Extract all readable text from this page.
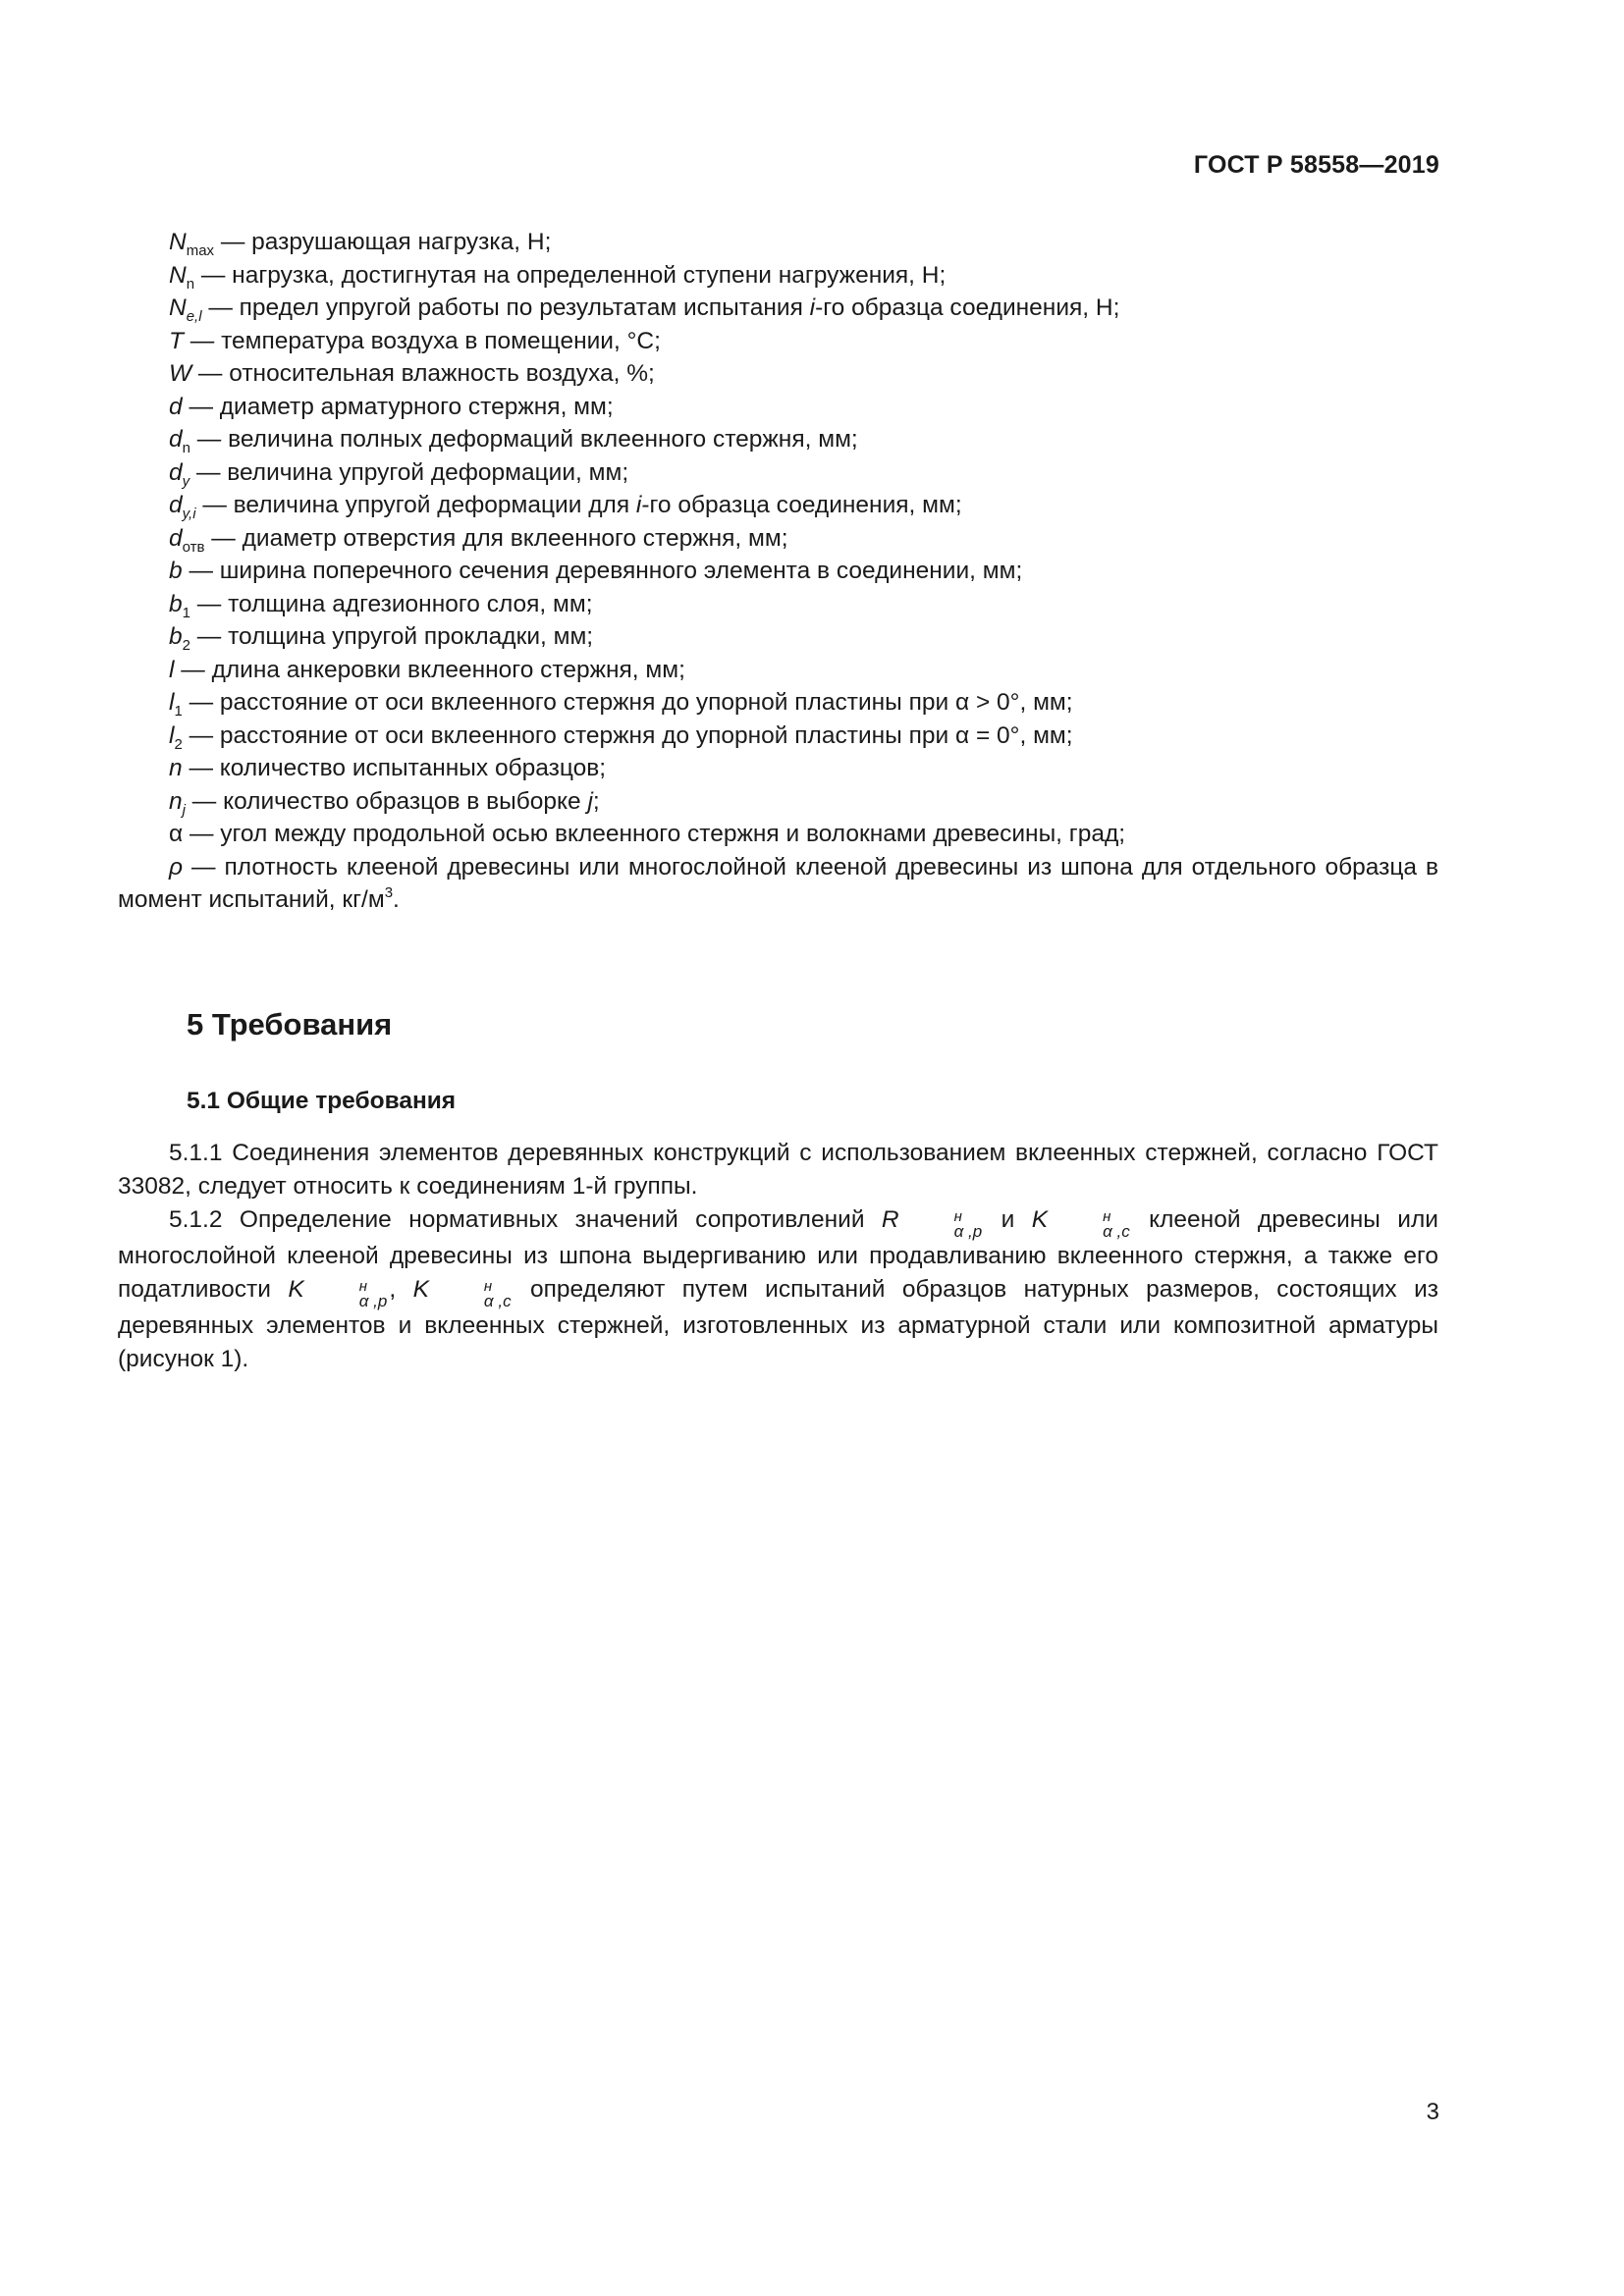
ГОСТ Р 58558—2019
$N_{max}$ — разрушающая нагрузка, Н;
$N_n$ — нагрузка, достигнутая на определенной ступени нагружения, Н;
$N_{e,l}$ — предел упругой работы по результатам испытания i-го образца соединения, Н;
T — температура воздуха в помещении, °С;
W — относительная влажность воздуха, %;
d — диаметр арматурного стержня, мм;
$d_n$ — величина полных деформаций вклеенного стержня, мм;
$d_y$ — величина упругой деформации, мм;
$d_{y,i}$ — величина упругой деформации для i-го образца соединения, мм;
$d_{отв}$ — диаметр отверстия для вклеенного стержня, мм;
b — ширина поперечного сечения деревянного элемента в соединении, мм;
$b_1$ — толщина адгезионного слоя, мм;
$b_2$ — толщина упругой прокладки, мм;
l — длина анкеровки вклеенного стержня, мм;
$l_1$ — расстояние от оси вклеенного стержня до упорной пластины при α > 0°, мм;
$l_2$ — расстояние от оси вклеенного стержня до упорной пластины при α = 0°, мм;
n — количество испытанных образцов;
$n_j$ — количество образцов в выборке j;
α — угол между продольной осью вклеенного стержня и волокнами древесины, град;
ρ — плотность клееной древесины или многослойной клееной древесины из шпона для отдельного образца в момент испытаний, $кг/м^3$.
5 Требования
5.1 Общие требования

5.1.1 Соединения элементов деревянных конструкций с использованием вклеенных стержней, согласно ГОСТ 33082, следует относить к соединениям 1-й группы.

5.1.2 Определение нормативных значений сопротивлений R	н
α ,p и K	н
α ,c клееной древесины или многослойной клееной древесины из шпона выдергиванию или продавливанию вклеенного стержня, а также его податливости K	н
α ,p , K	н
α ,c определяют путем испытаний образцов натурных размеров, состоящих из деревянных элементов и вклеенных стержней, изготовленных из арматурной стали или композитной арматуры (рисунок 1).

3
